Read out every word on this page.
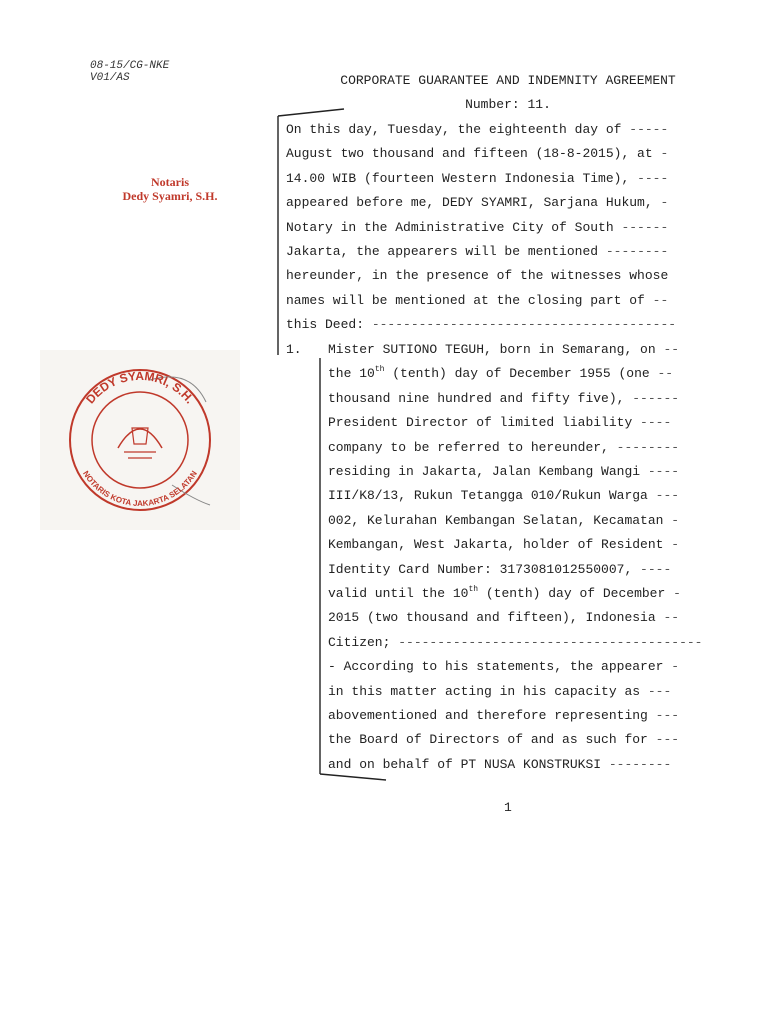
08-15/CG-NKE
V01/AS	CORPORATE GUARANTEE AND INDEMNITY AGREEMENT
Number: 11.
Notaris
Dedy Syamri, S.H.
DEDY SYAMRI, S.H.
NOTARIS KOTA JAKARTA SELATAN
On this day, Tuesday, the eighteenth day of -----
August two thousand and fifteen (18-8-2015), at -
14.00 WIB (fourteen Western Indonesia Time), ----
appeared before me, DEDY SYAMRI, Sarjana Hukum, -
Notary in the Administrative City of South ------
Jakarta, the appearers will be mentioned --------
hereunder, in the presence of the witnesses whose
names will be mentioned at the closing part of --
this Deed: ---------------------------------------
1. Mister SUTIONO TEGUH, born in Semarang, on --
the 10th (tenth) day of December 1955 (one --
thousand nine hundred and fifty five), ------
President Director of limited liability ----
company to be referred to hereunder, --------
residing in Jakarta, Jalan Kembang Wangi ----
III/K8/13, Rukun Tetangga 010/Rukun Warga ---
002, Kelurahan Kembangan Selatan, Kecamatan -
Kembangan, West Jakarta, holder of Resident -
Identity Card Number: 3173081012550007, ----
valid until the 10th (tenth) day of December -
2015 (two thousand and fifteen), Indonesia --
Citizen; ---------------------------------------
- According to his statements, the appearer -
in this matter acting in his capacity as ---
abovementioned and therefore representing ---
the Board of Directors of and as such for ---
and on behalf of PT NUSA KONSTRUKSI --------
1
